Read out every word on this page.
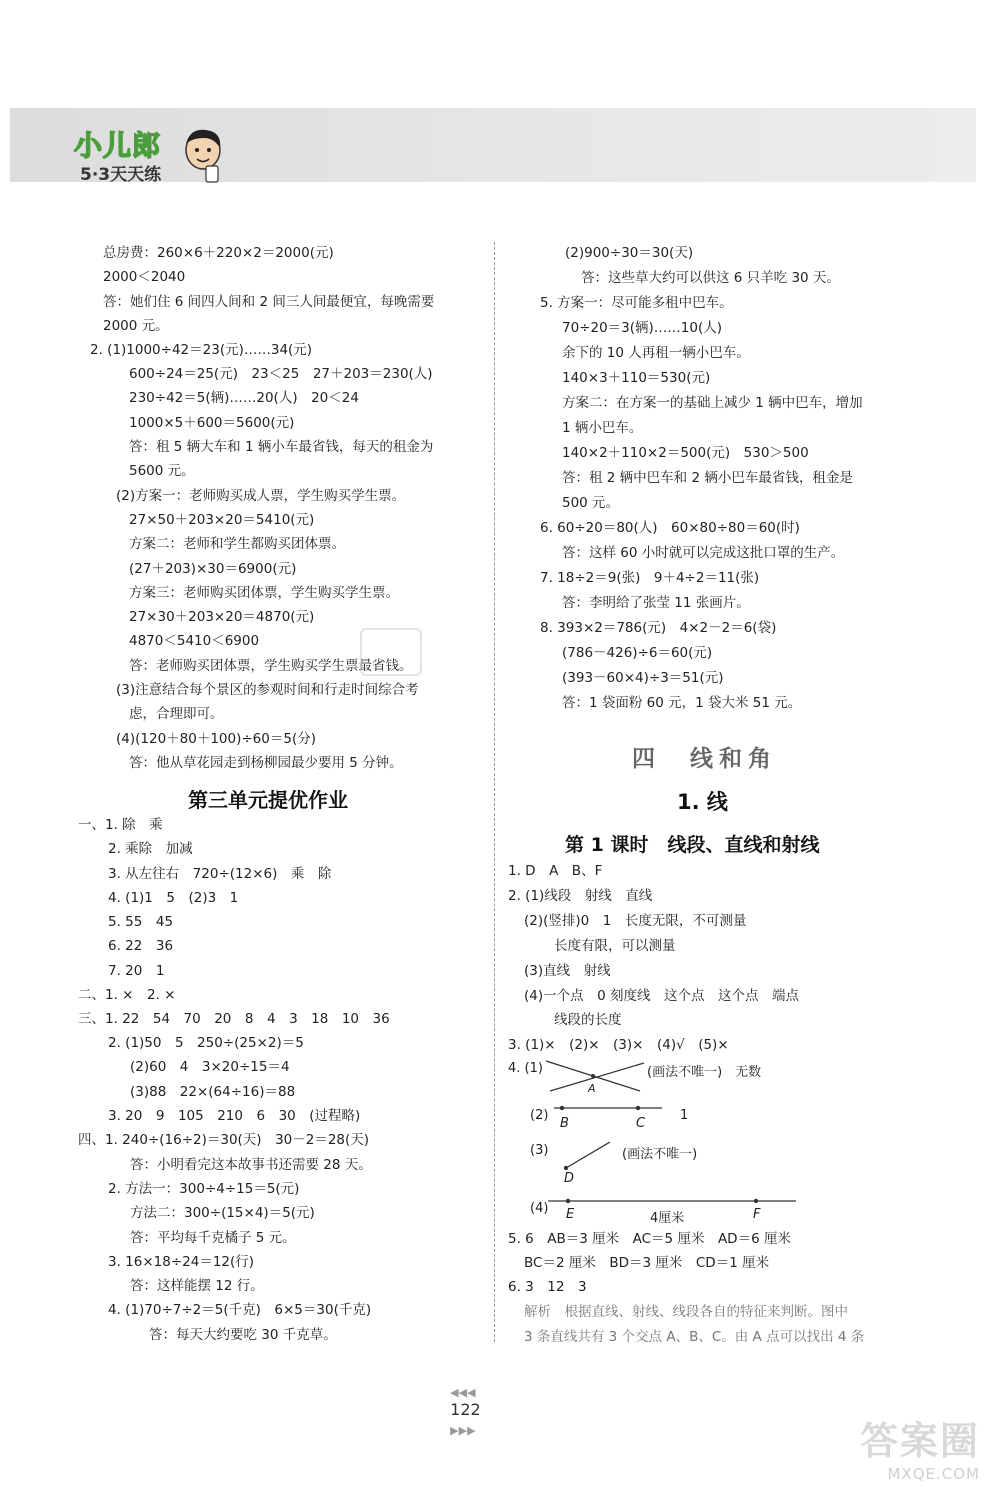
小儿郎
5·3天天练
总房费：260×6＋220×2＝2000(元)
2000＜2040
答：她们住 6 间四人间和 2 间三人间最便宜，每晚需要
2000 元。
2. (1)1000÷42＝23(元)……34(元)
600÷24＝25(元)　23＜25　27＋203＝230(人)
230÷42＝5(辆)……20(人)　20＜24
1000×5＋600＝5600(元)
答：租 5 辆大车和 1 辆小车最省钱，每天的租金为
5600 元。
(2)方案一：老师购买成人票，学生购买学生票。
27×50＋203×20＝5410(元)
方案二：老师和学生都购买团体票。
(27＋203)×30＝6900(元)
方案三：老师购买团体票，学生购买学生票。
27×30＋203×20＝4870(元)
4870＜5410＜6900
答：老师购买团体票，学生购买学生票最省钱。
(3)注意结合每个景区的参观时间和行走时间综合考
虑，合理即可。
(4)(120＋80＋100)÷60＝5(分)
答：他从草花园走到杨柳园最少要用 5 分钟。
第三单元提优作业
一、1. 除　乘
2. 乘除　加减
3. 从左往右　720÷(12×6)　乘　除
4. (1)1　5　(2)3　1
5. 55　45
6. 22　36
7. 20　1
二、1. ×　2. ×
三、1. 22　54　70　20　8　4　3　18　10　36
2. (1)50　5　250÷(25×2)＝5
(2)60　4　3×20÷15＝4
(3)88　22×(64÷16)＝88
3. 20　9　105　210　6　30　(过程略)
四、1. 240÷(16÷2)＝30(天)　30－2＝28(天)
答：小明看完这本故事书还需要 28 天。
2. 方法一：300÷4÷15＝5(元)
方法二：300÷(15×4)＝5(元)
答：平均每千克橘子 5 元。
3. 16×18÷24＝12(行)
答：这样能摆 12 行。
4. (1)70÷7÷2＝5(千克)　6×5＝30(千克)
答：每天大约要吃 30 千克草。
(2)900÷30＝30(天)
答：这些草大约可以供这 6 只羊吃 30 天。
5. 方案一：尽可能多租中巴车。
70÷20＝3(辆)……10(人)
余下的 10 人再租一辆小巴车。
140×3＋110＝530(元)
方案二：在方案一的基础上减少 1 辆中巴车，增加
1 辆小巴车。
140×2＋110×2＝500(元)　530＞500
答：租 2 辆中巴车和 2 辆小巴车最省钱，租金是
500 元。
6. 60÷20＝80(人)　60×80÷80＝60(时)
答：这样 60 小时就可以完成这批口罩的生产。
7. 18÷2＝9(张)　9＋4÷2＝11(张)
答：李明给了张莹 11 张画片。
8. 393×2＝786(元)　4×2－2＝6(袋)
(786－426)÷6＝60(元)
(393－60×4)÷3＝51(元)
答：1 袋面粉 60 元，1 袋大米 51 元。
四　线和角
1. 线
第 1 课时　线段、直线和射线
1. D　A　B、F
2. (1)线段　射线　直线
(2)(竖排)0　1　长度无限，不可测量
长度有限，可以测量
(3)直线　射线
(4)一个点　0 刻度线　这个点　这个点　端点
线段的长度
3. (1)×　(2)×　(3)×　(4)√　(5)×
4. (1)	(画法不唯一)　无数
A
(2)
B	C
1
(3)	(画法不唯一)
D
(4) E	4厘米	F
5. 6　AB＝3 厘米　AC＝5 厘米　AD＝6 厘米
BC＝2 厘米　BD＝3 厘米　CD＝1 厘米
6. 3　12　3
解析　根据直线、射线、线段各自的特征来判断。图中
3 条直线共有 3 个交点 A、B、C。由 A 点可以找出 4 条

◀◀◀
122
▶▶▶	答案圈
MXQE.COM
